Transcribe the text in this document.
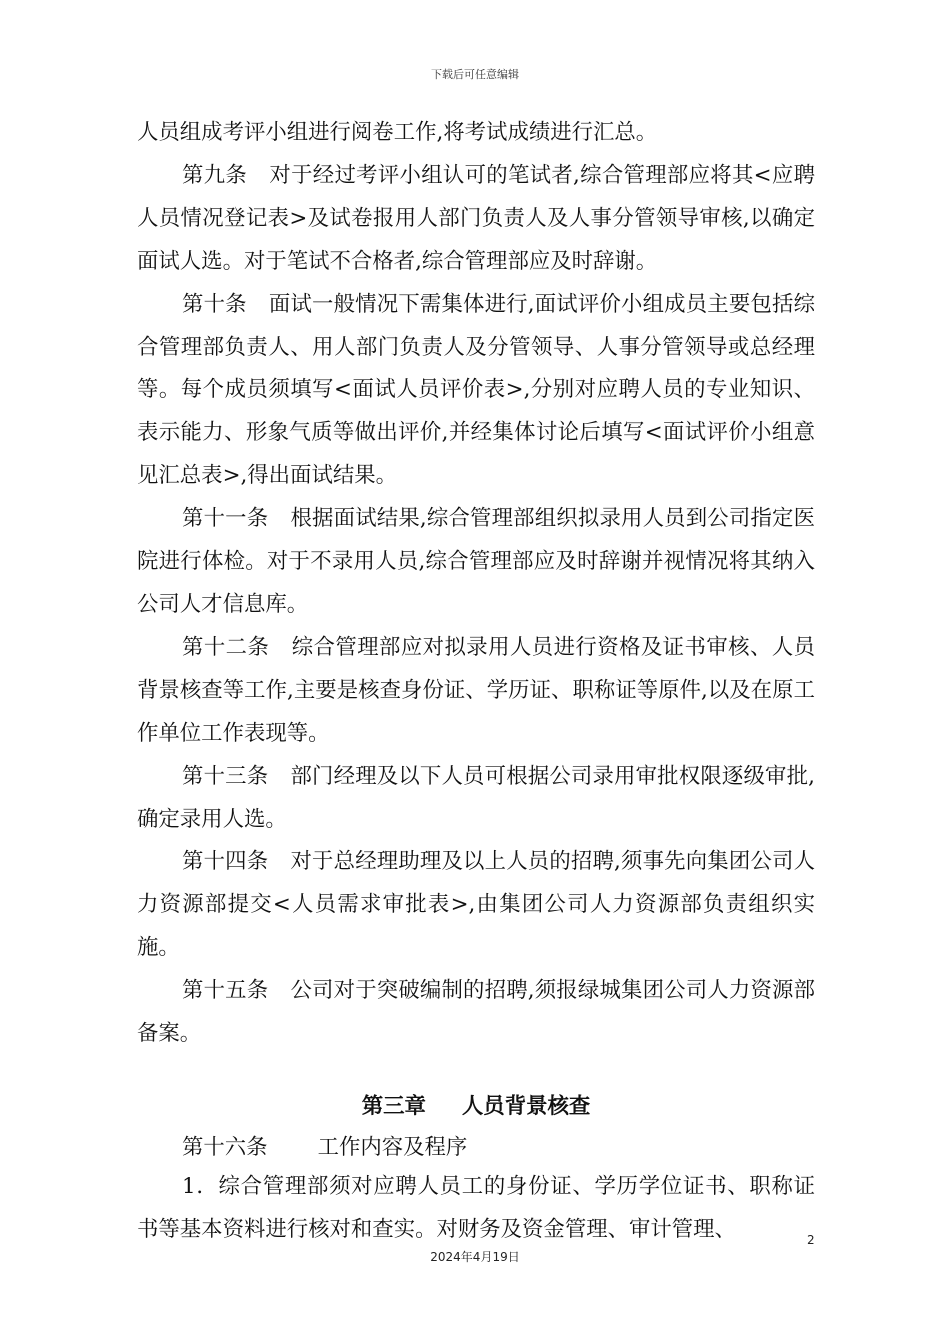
下载后可任意编辑

人员组成考评小组进行阅卷工作,将考试成绩进行汇总。

第九条 对于经过考评小组认可的笔试者,综合管理部应将其<应聘人员情况登记表>及试卷报用人部门负责人及人事分管领导审核,以确定面试人选。对于笔试不合格者,综合管理部应及时辞谢。

第十条 面试一般情况下需集体进行,面试评价小组成员主要包括综合管理部负责人、用人部门负责人及分管领导、人事分管领导或总经理等。每个成员须填写<面试人员评价表>,分别对应聘人员的专业知识、表示能力、形象气质等做出评价,并经集体讨论后填写<面试评价小组意见汇总表>,得出面试结果。

第十一条 根据面试结果,综合管理部组织拟录用人员到公司指定医院进行体检。对于不录用人员,综合管理部应及时辞谢并视情况将其纳入公司人才信息库。

第十二条 综合管理部应对拟录用人员进行资格及证书审核、人员背景核查等工作,主要是核查身份证、学历证、职称证等原件,以及在原工作单位工作表现等。

第十三条 部门经理及以下人员可根据公司录用审批权限逐级审批,确定录用人选。

第十四条 对于总经理助理及以上人员的招聘,须事先向集团公司人力资源部提交<人员需求审批表>,由集团公司人力资源部负责组织实施。

第十五条 公司对于突破编制的招聘,须报绿城集团公司人力资源部备案。

第三章 人员背景核查

第十六条 工作内容及程序

1．综合管理部须对应聘人员工的身份证、学历学位证书、职称证书等基本资料进行核对和查实。对财务及资金管理、审计管理、	2
2024年4月19日
